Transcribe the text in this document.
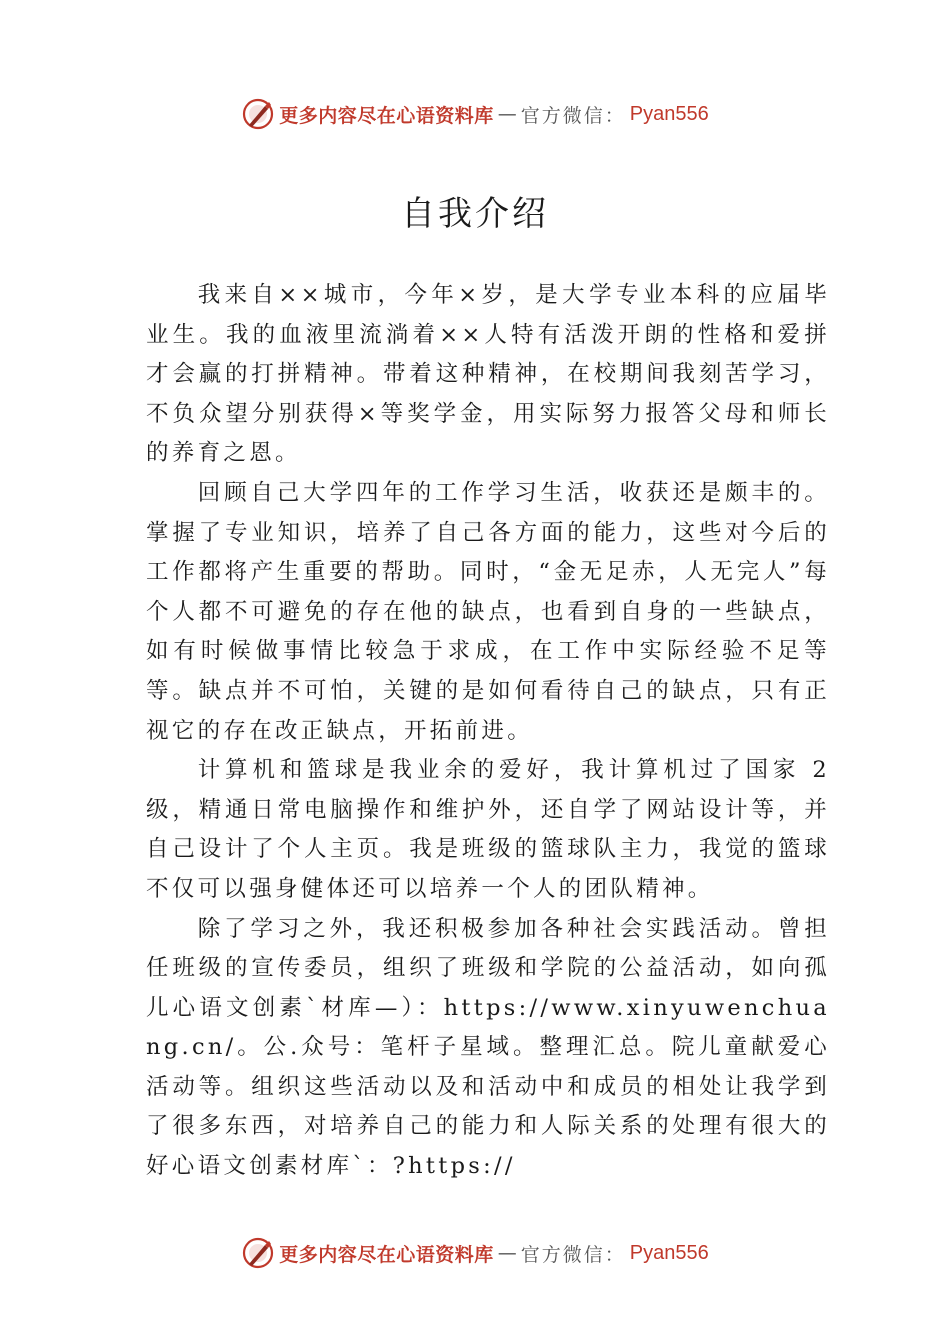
更多内容尽在心语资料库 — 官方微信： Pyan556
自我介绍

我来自××城市，今年×岁，是大学专业本科的应届毕业生。我的血液里流淌着××人特有活泼开朗的性格和爱拼才会赢的打拼精神。带着这种精神，在校期间我刻苦学习， 不负众望分别获得×等奖学金，用实际努力报答父母和师长的养育之恩。

回顾自己大学四年的工作学习生活，收获还是颇丰的。掌握了专业知识，培养了自己各方面的能力，这些对今后的工作都将产生重要的帮助。同时，“金无足赤，人无完人”每 个人都不可避免的存在他的缺点，也看到自身的一些缺点， 如有时候做事情比较急于求成，在工作中实际经验不足等等。缺点并不可怕，关键的是如何看待自己的缺点，只有正视它的存在改正缺点，开拓前进。

计算机和篮球是我业余的爱好，我计算机过了国家 2 级，精通日常电脑操作和维护外，还自学了网站设计等，并自己设计了个人主页。我是班级的篮球队主力，我觉的篮球不仅可以强身健体还可以培养一个人的团队精神。

除了学习之外，我还积极参加各种社会实践活动。曾担任班级的宣传委员，组织了班级和学院的公益活动，如向孤儿心语文创素`材库—）：https://www.xinyuwenchuang.cn/。公.众号：笔杆子星域。整理汇总。院儿童献爱心活动等。组织这些活动以及和活动中和成员的相处让我学到了很多东西，对培养自己的能力和人际关系的处理有很大的好心语文创素材库`：?https://

更多内容尽在心语资料库 — 官方微信： Pyan556
